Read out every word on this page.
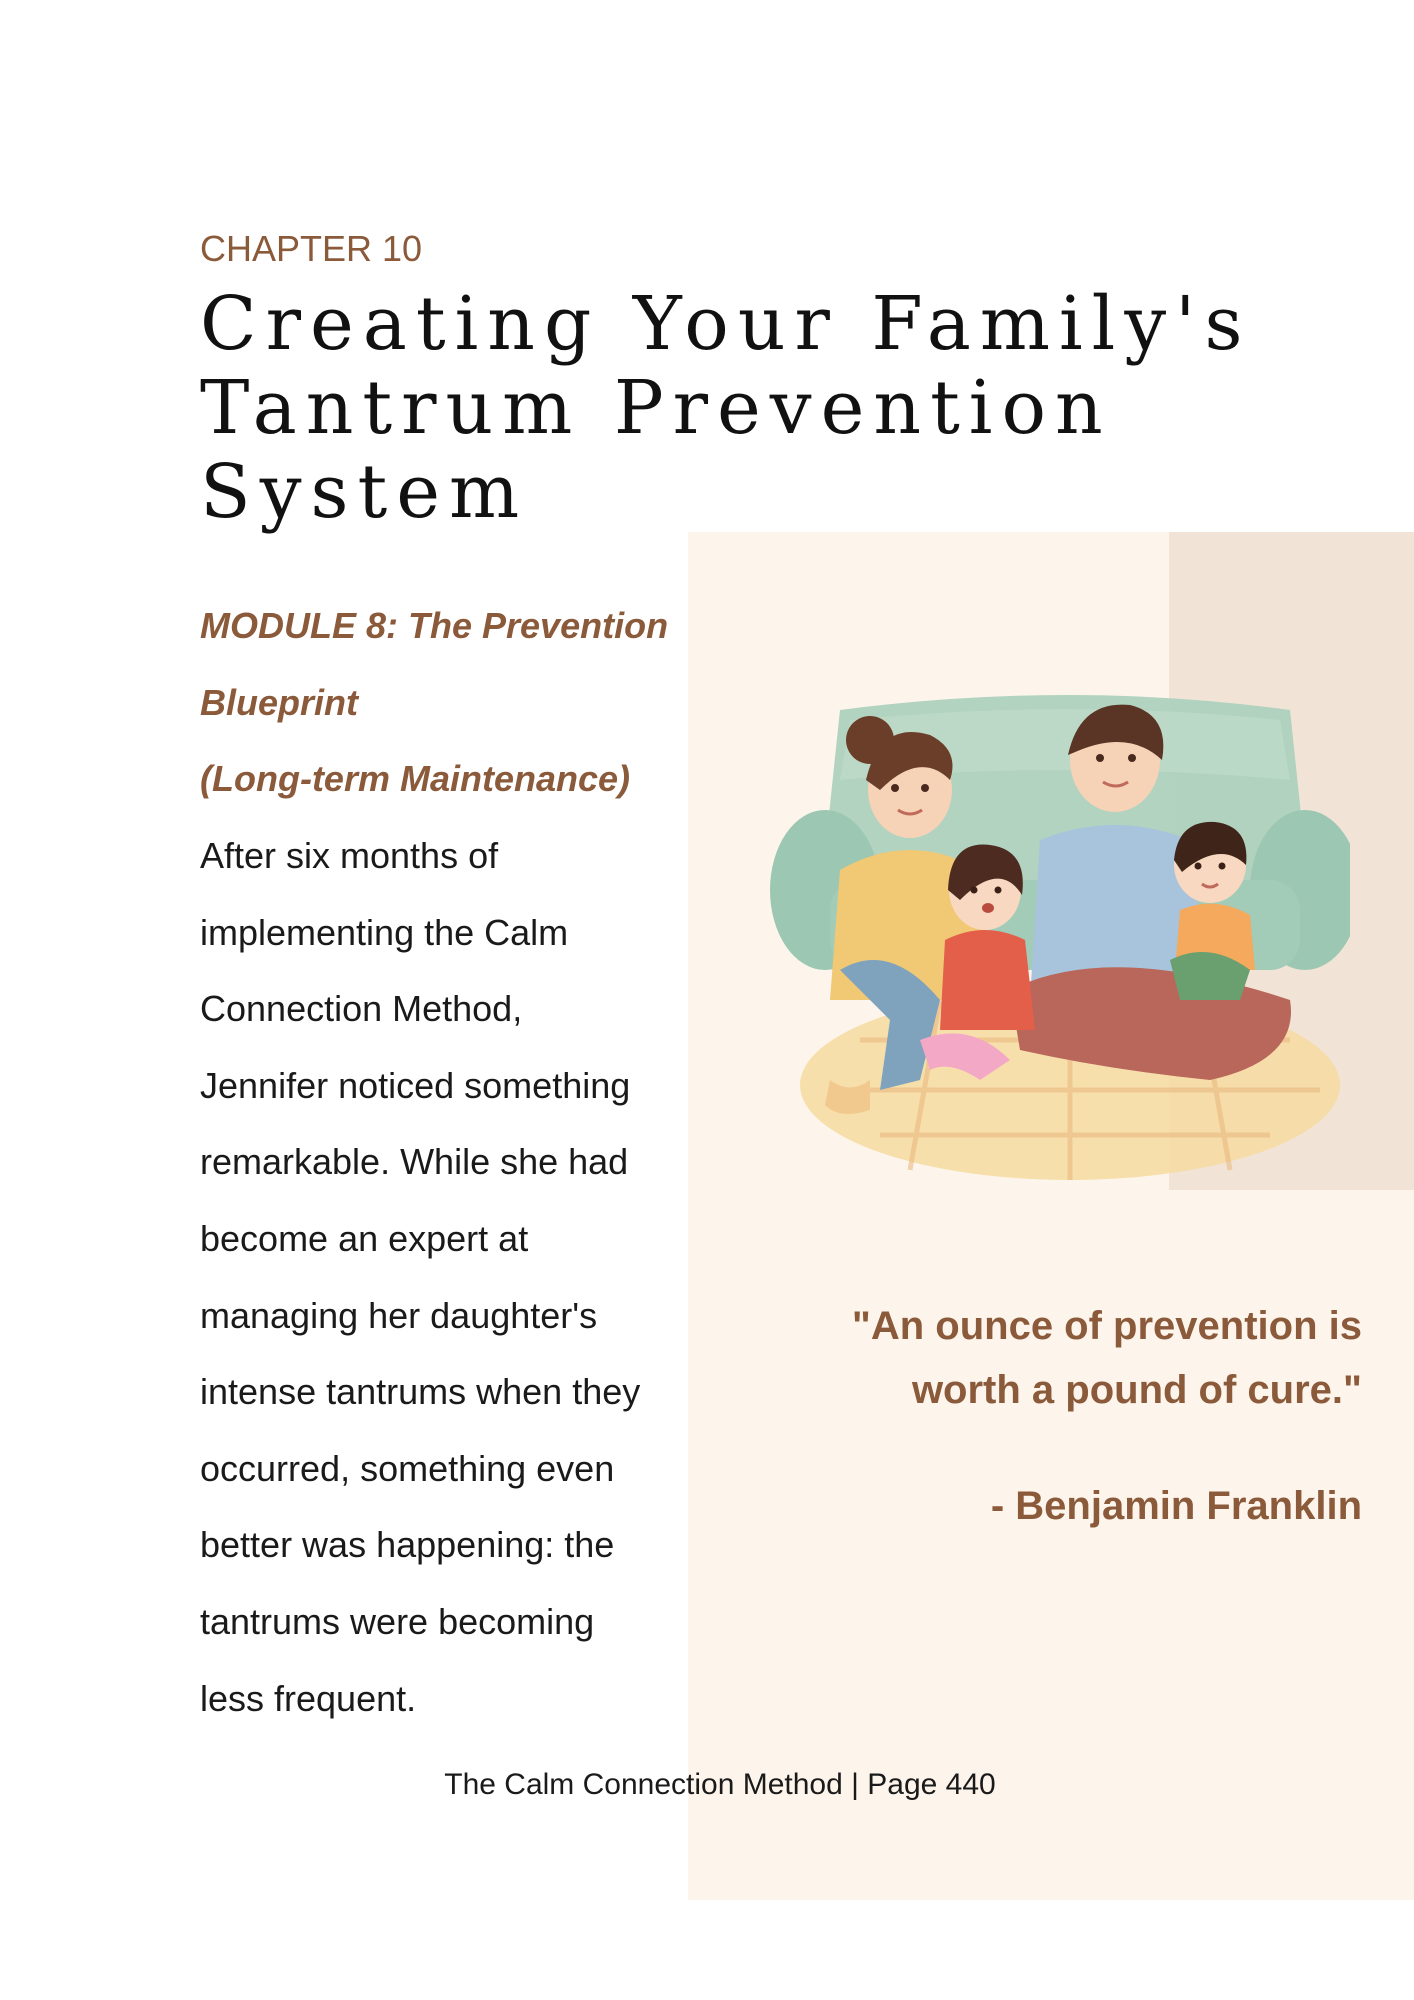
CHAPTER 10
Creating Your Family's
Tantrum Prevention
System
MODULE 8: The Prevention
Blueprint
(Long-term Maintenance)
After six months of
implementing the Calm
Connection Method,
Jennifer noticed something
remarkable. While she had
become an expert at
managing her daughter's
intense tantrums when they
occurred, something even
better was happening: the
tantrums were becoming
less frequent.
"An ounce of prevention is
worth a pound of cure."
- Benjamin Franklin
The Calm Connection Method | Page 440
